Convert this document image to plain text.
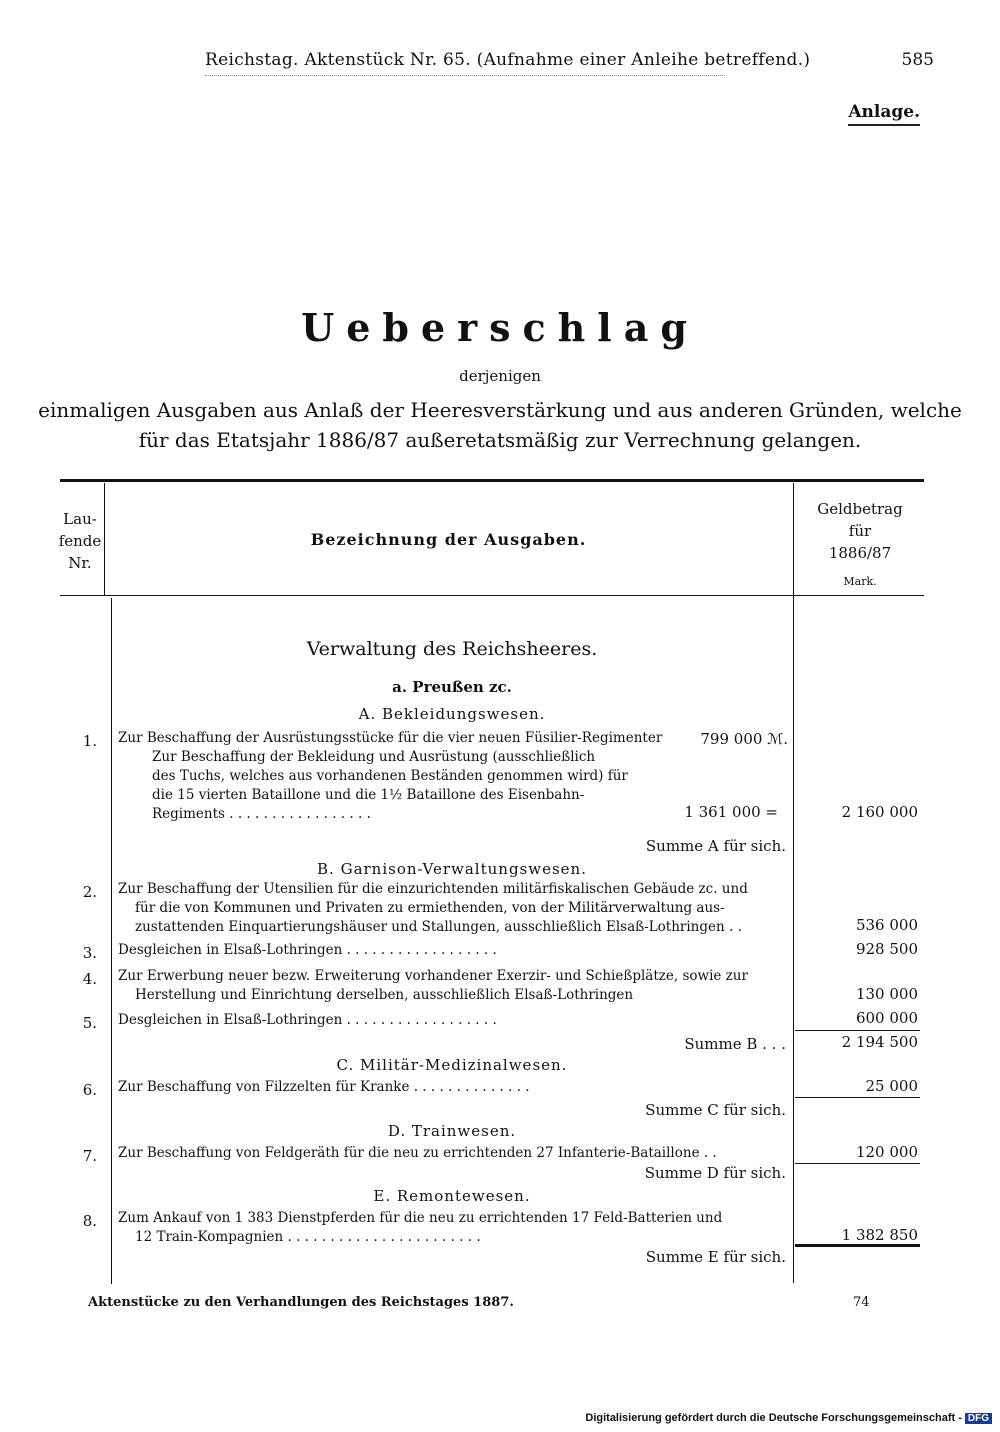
Reichstag. Aktenstück Nr. 65. (Aufnahme einer Anleihe betreffend.)	585
Anlage.
Ueberschlag
derjenigen
einmaligen Ausgaben aus Anlaß der Heeresverstärkung und aus anderen Gründen, welche
für das Etatsjahr 1886/87 außeretatsmäßig zur Verrechnung gelangen.
Lau-
fende
Nr.
Bezeichnung der Ausgaben.
Geldbetrag
für
1886/87
Mark.
Verwaltung des Reichsheeres.
a. Preußen zc.
A. Bekleidungswesen.
1. Zur Beschaffung der Ausrüstungsstücke für die vier neuen Füsilier-Regimenter	799 000 ℳ.
Zur Beschaffung der Bekleidung und Ausrüstung (ausschließlich
des Tuchs, welches aus vorhandenen Beständen genommen wird) für
die 15 vierten Bataillone und die 1½ Bataillone des Eisenbahn-
Regiments . . . . . . . . . . . . . . . . .	1 361 000 =	2 160 000
Summe A für sich.
B. Garnison-Verwaltungswesen.
2. Zur Beschaffung der Utensilien für die einzurichtenden militärfiskalischen Gebäude zc. und
für die von Kommunen und Privaten zu ermiethenden, von der Militärverwaltung aus-
zustattenden Einquartierungshäuser und Stallungen, ausschließlich Elsaß-Lothringen . .	536 000
3. Desgleichen in Elsaß-Lothringen . . . . . . . . . . . . . . . . . .	928 500
4. Zur Erwerbung neuer bezw. Erweiterung vorhandener Exerzir- und Schießplätze, sowie zur
Herstellung und Einrichtung derselben, ausschließlich Elsaß-Lothringen	130 000
5. Desgleichen in Elsaß-Lothringen . . . . . . . . . . . . . . . . . .	600 000
Summe B . . .	2 194 500
C. Militär-Medizinalwesen.
6. Zur Beschaffung von Filzzelten für Kranke . . . . . . . . . . . . . .	25 000
Summe C für sich.
D. Trainwesen.
7. Zur Beschaffung von Feldgeräth für die neu zu errichtenden 27 Infanterie-Bataillone . .	120 000
Summe D für sich.
E. Remontewesen.
8. Zum Ankauf von 1 383 Dienstpferden für die neu zu errichtenden 17 Feld-Batterien und
12 Train-Kompagnien . . . . . . . . . . . . . . . . . . . . . . .	1 382 850
Summe E für sich.
Aktenstücke zu den Verhandlungen des Reichstages 1887.	74
Digitalisierung gefördert durch die Deutsche Forschungsgemeinschaft - DFG
